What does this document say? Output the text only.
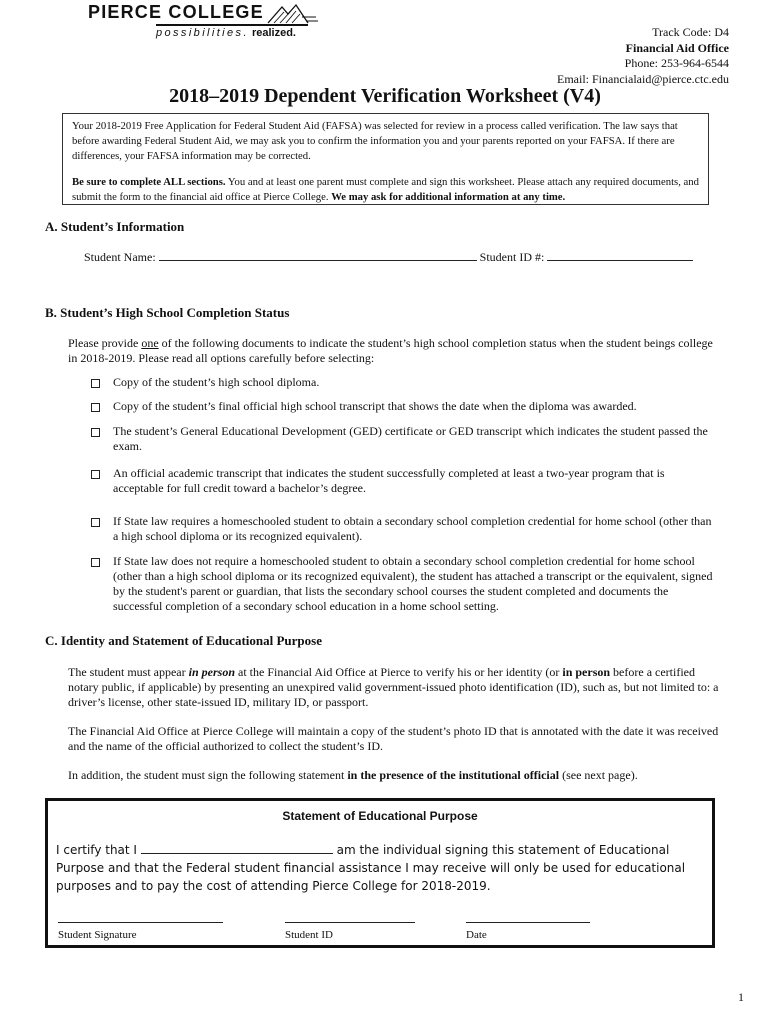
PIERCE COLLEGE
possibilities. realized.	Track Code: D4
Financial Aid Office
Phone: 253-964-6544
Email: Financialaid@pierce.ctc.edu
2018–2019 Dependent Verification Worksheet (V4)

Your 2018-2019 Free Application for Federal Student Aid (FAFSA) was selected for review in a process called verification. The law says that before awarding Federal Student Aid, we may ask you to confirm the information you and your parents reported on your FAFSA. If there are differences, your FAFSA information may be corrected.

Be sure to complete ALL sections. You and at least one parent must complete and sign this worksheet. Please attach any required documents, and submit the form to the financial aid office at Pierce College. We may ask for additional information at any time.

A. Student’s Information
Student Name:	Student ID #:
B. Student’s High School Completion Status
Please provide one of the following documents to indicate the student’s high school completion status when the student beings college in 2018-2019. Please read all options carefully before selecting:
Copy of the student’s high school diploma.
Copy of the student’s final official high school transcript that shows the date when the diploma was awarded.
The student’s General Educational Development (GED) certificate or GED transcript which indicates the student passed the exam.
An official academic transcript that indicates the student successfully completed at least a two-year program that is acceptable for full credit toward a bachelor’s degree.
If State law requires a homeschooled student to obtain a secondary school completion credential for home school (other than a high school diploma or its recognized equivalent).
If State law does not require a homeschooled student to obtain a secondary school completion credential for home school (other than a high school diploma or its recognized equivalent), the student has attached a transcript or the equivalent, signed by the student's parent or guardian, that lists the secondary school courses the student completed and documents the successful completion of a secondary school education in a home school setting.
C. Identity and Statement of Educational Purpose
The student must appear in person at the Financial Aid Office at Pierce to verify his or her identity (or in person before a certified notary public, if applicable) by presenting an unexpired valid government-issued photo identification (ID), such as, but not limited to: a driver’s license, other state-issued ID, military ID, or passport.
The Financial Aid Office at Pierce College will maintain a copy of the student’s photo ID that is annotated with the date it was received and the name of the official authorized to collect the student’s ID.
In addition, the student must sign the following statement in the presence of the institutional official (see next page).
Statement of Educational Purpose
I certify that I	am the individual signing this statement of Educational Purpose and that the Federal student financial assistance I may receive will only be used for educational purposes and to pay the cost of attending Pierce College for 2018-2019.
Student Signature	Student ID	Date
1
